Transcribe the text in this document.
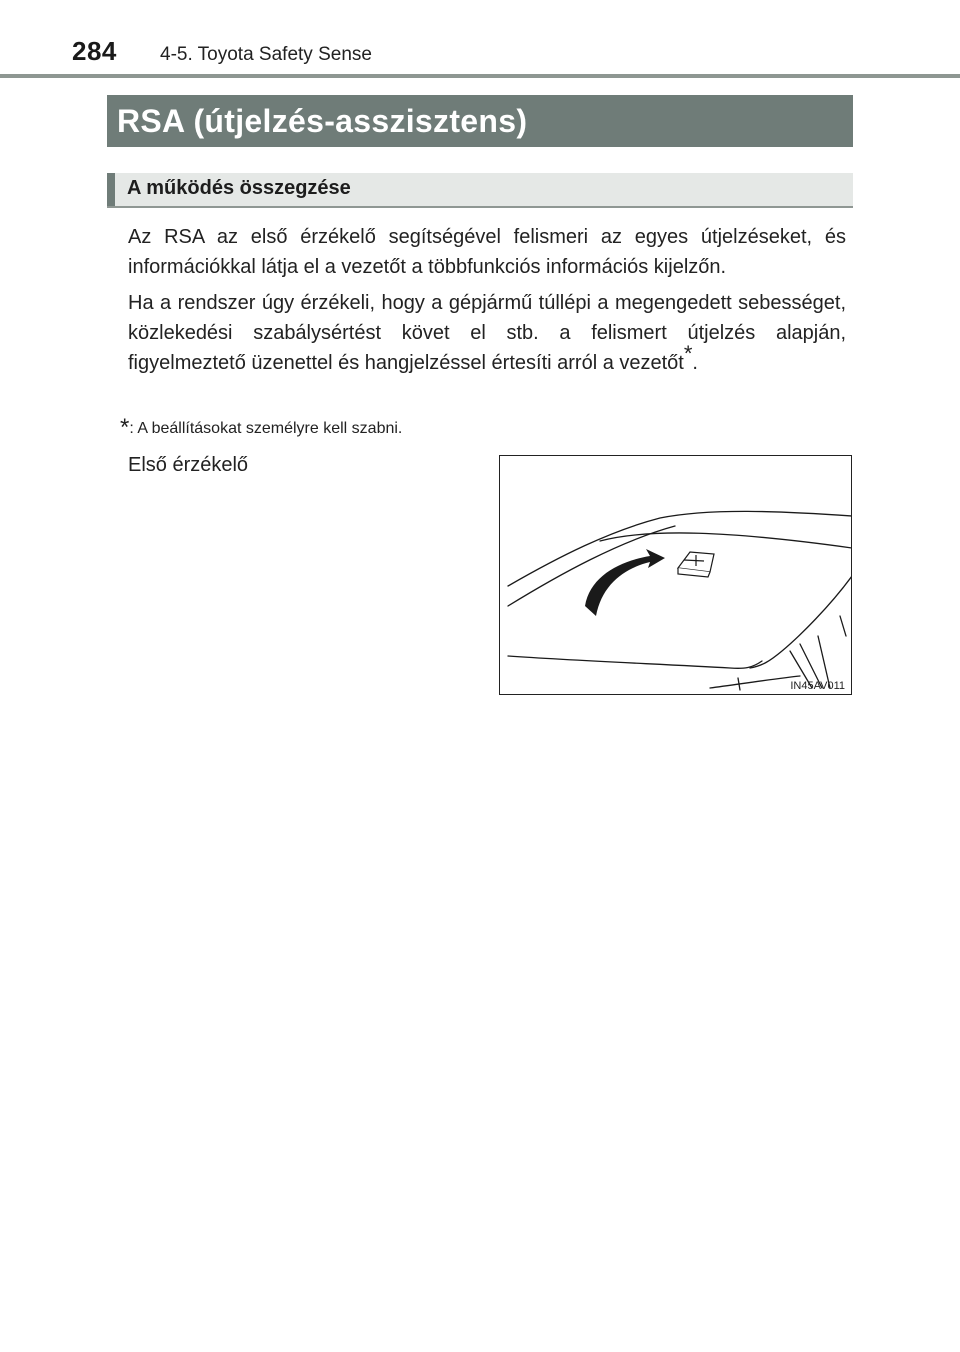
284 4-5. Toyota Safety Sense
RSA (útjelzés-asszisztens)
A működés összegzése
Az RSA az első érzékelő segítségével felismeri az egyes útjelzéseket, és információkkal látja el a vezetőt a többfunkciós információs kijelzőn.
Ha a rendszer úgy érzékeli, hogy a gépjármű túllépi a megengedett sebességet, közlekedési szabálysértést követ el stb. a felismert útjelzés alapján, figyelmeztető üzenettel és hangjelzéssel értesíti arról a vezetőt*.
*: A beállításokat személyre kell szabni.
Első érzékelő
IN45AV011
